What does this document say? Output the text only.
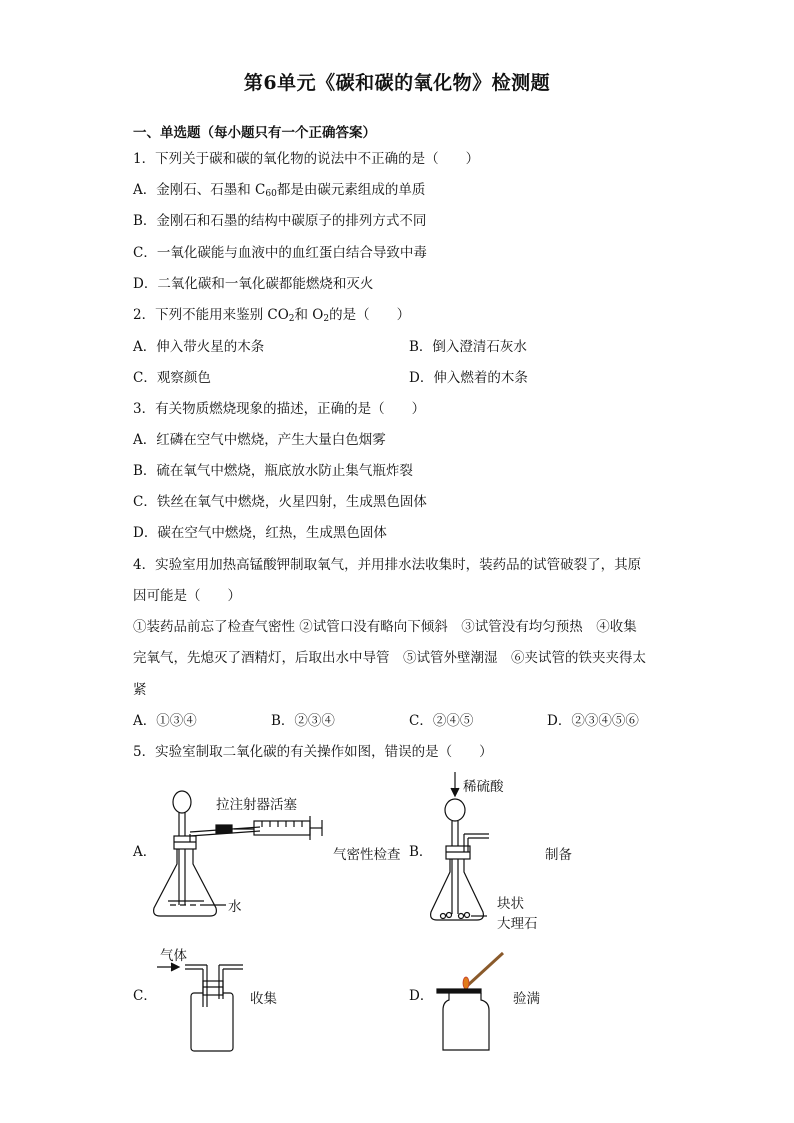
第6单元《碳和碳的氧化物》检测题
一、单选题（每小题只有一个正确答案）
1．下列关于碳和碳的氧化物的说法中不正确的是（　　）
A．金刚石、石墨和 $C_{60}$都是由碳元素组成的单质
B．金刚石和石墨的结构中碳原子的排列方式不同
C．一氧化碳能与血液中的血红蛋白结合导致中毒
D．二氧化碳和一氧化碳都能燃烧和灭火
2．下列不能用来鉴别 $CO_2$和 $O_2$的是（　　）
A．伸入带火星的木条	B．倒入澄清石灰水
C．观察颜色	D．伸入燃着的木条
3．有关物质燃烧现象的描述，正确的是（　　）
A．红磷在空气中燃烧，产生大量白色烟雾
B．硫在氧气中燃烧，瓶底放水防止集气瓶炸裂
C．铁丝在氧气中燃烧，火星四射，生成黑色固体
D．碳在空气中燃烧，红热，生成黑色固体
4．实验室用加热高锰酸钾制取氧气，并用排水法收集时，装药品的试管破裂了，其原
因可能是（　　）
①装药品前忘了检查气密性 ②试管口没有略向下倾斜　③试管没有均匀预热　④收集
完氧气，先熄灭了酒精灯，后取出水中导管　⑤试管外壁潮湿　⑥夹试管的铁夹夹得太
紧
A．①③④	B．②③④	C．②④⑤	D．②③④⑤⑥
5．实验室制取二氧化碳的有关操作如图，错误的是（　　）
A．
拉注射器活塞
水
气密性检查 B．
稀硫酸
块状
大理石
制备
C．
气体
收集	D．	验满
